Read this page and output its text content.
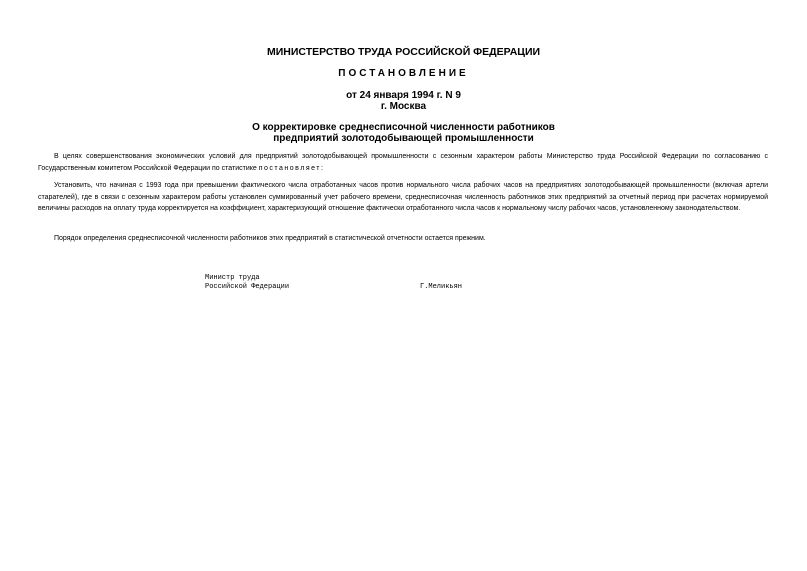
МИНИСТЕРСТВО ТРУДА РОССИЙСКОЙ ФЕДЕРАЦИИ
ПОСТАНОВЛЕНИЕ
от 24 января 1994 г. N 9
г. Москва
О корректировке среднесписочной численности работников
предприятий золотодобывающей промышленности

В целях совершенствования экономических условий для предприятий золотодобывающей промышленности с сезонным характером работы Министерство труда Российской Федерации по согласованию с Государственным комитетом Российской Федерации по статистике постановляет:

Установить, что начиная с 1993 года при превышении фактического числа отработанных часов против нормального числа рабочих часов на предприятиях золотодобывающей промышленности (включая артели старателей), где в связи с сезонным характером работы установлен суммированный учет рабочего времени, среднесписочная численность работников этих предприятий за отчетный период при расчетах нормируемой величины расходов на оплату труда корректируется на коэффициент, характеризующий отношение фактически отработанного числа часов к нормальному числу рабочих часов, установленному законодательством.

Порядок определения среднесписочной численности работников этих предприятий в статистической отчетности остается прежним.

Министр труда
Российской Федерации	Г.Меликьян
